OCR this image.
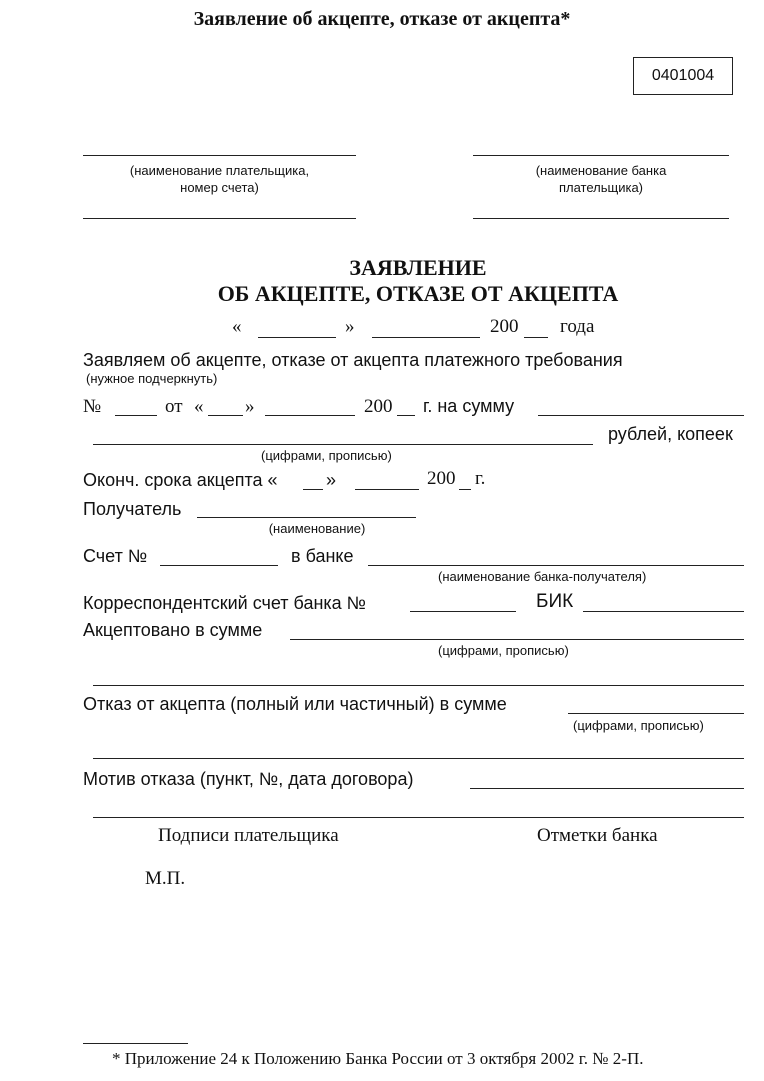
Заявление об акцепте, отказе от акцепта*
0401004
(наименование плательщика,
номер счета)
(наименование банка
плательщика)
ЗАЯВЛЕНИЕ
ОБ АКЦЕПТЕ, ОТКАЗЕ ОТ АКЦЕПТА
«	»	200 года
Заявляем об акцепте, отказе от акцепта платежного требования
(нужное подчеркнуть)
№	от « »	200 г. на сумму
рублей, копеек
(цифрами, прописью)
Оконч. срока акцепта «	»	200 г.
Получатель
(наименование)
Счет №	в банке
(наименование банка-получателя)
Корреспондентский счет банка №	БИК
Акцептовано в сумме
(цифрами, прописью)
Отказ от акцепта (полный или частичный) в сумме
(цифрами, прописью)
Мотив отказа (пункт, №, дата договора)
Подписи плательщика	Отметки банка
М.П.
* Приложение 24 к Положению Банка России от 3 октября 2002 г. № 2-П.
